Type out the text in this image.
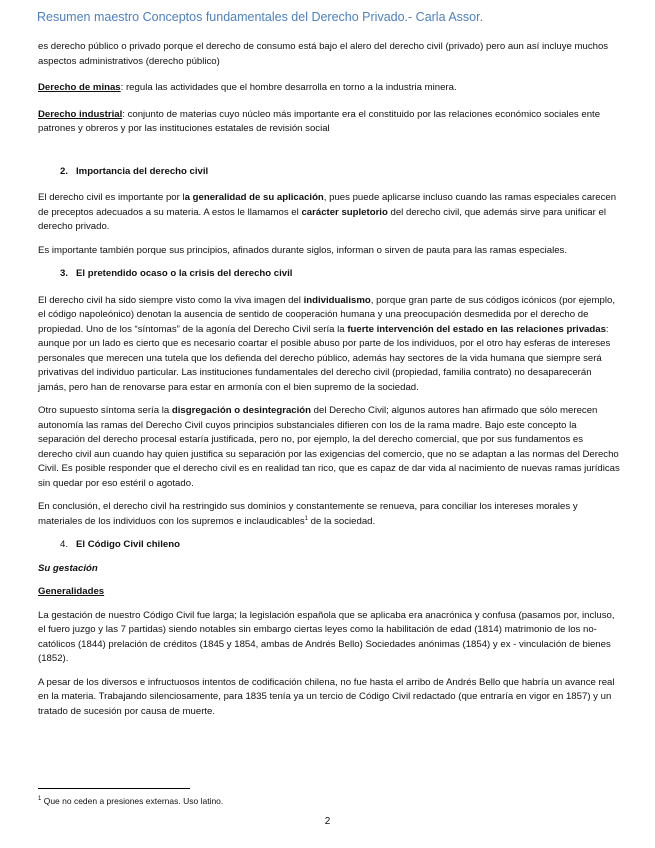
Resumen maestro Conceptos fundamentales del Derecho Privado.- Carla Assor.

es derecho público o privado porque el derecho de consumo está bajo el alero del derecho civil (privado) pero aun así incluye muchos aspectos administrativos (derecho público)

Derecho de minas: regula las actividades que el hombre desarrolla en torno a la industria minera.

Derecho industrial: conjunto de materias cuyo núcleo más importante era el constituido por las relaciones económico sociales ente patrones y obreros y por las instituciones estatales de revisión social

2. Importancia del derecho civil

El derecho civil es importante por la generalidad de su aplicación, pues puede aplicarse incluso cuando las ramas especiales carecen de preceptos adecuados a su materia. A estos le llamamos el carácter supletorio del derecho civil, que además sirve para unificar el derecho privado.

Es importante también porque sus principios, afinados durante siglos, informan o sirven de pauta para las ramas especiales.

3. El pretendido ocaso o la crisis del derecho civil

El derecho civil ha sido siempre visto como la viva imagen del individualismo, porque gran parte de sus códigos icónicos (por ejemplo, el código napoleónico) denotan la ausencia de sentido de cooperación humana y una preocupación desmedida por el derecho de propiedad. Uno de los “síntomas” de la agonía del Derecho Civil sería la fuerte intervención del estado en las relaciones privadas: aunque por un lado es cierto que es necesario coartar el posible abuso por parte de los individuos, por el otro hay esferas de intereses personales que merecen una tutela que los defienda del derecho público, además hay sectores de la vida humana que siempre será privativas del individuo particular. Las instituciones fundamentales del derecho civil (propiedad, familia contrato) no desaparecerán jamás, pero han de renovarse para estar en armonía con el bien supremo de la sociedad.

Otro supuesto síntoma sería la disgregación o desintegración del Derecho Civil; algunos autores han afirmado que sólo merecen autonomía las ramas del Derecho Civil cuyos principios substanciales difieren con los de la rama madre. Bajo este concepto la separación del derecho procesal estaría justificada, pero no, por ejemplo, la del derecho comercial, que por sus fundamentos es derecho civil aun cuando hay quien justifica su separación por las exigencias del comercio, que no se adaptan a las normas del Derecho Civil. Es posible responder que el derecho civil es en realidad tan rico, que es capaz de dar vida al nacimiento de nuevas ramas jurídicas sin quedar por eso estéril o agotado.

En conclusión, el derecho civil ha restringido sus dominios y constantemente se renueva, para conciliar los intereses morales y materiales de los individuos con los supremos e inclaudicables$^1$ de la sociedad.

4. El Código Civil chileno

Su gestación

Generalidades

La gestación de nuestro Código Civil fue larga; la legislación española que se aplicaba era anacrónica y confusa (pasamos por, incluso, el fuero juzgo y las 7 partidas) siendo notables sin embargo ciertas leyes como la habilitación de edad (1814) matrimonio de los no-católicos (1844) prelación de créditos (1845 y 1854, ambas de Andrés Bello) Sociedades anónimas (1854) y ex - vinculación de bienes (1852).

A pesar de los diversos e infructuosos intentos de codificación chilena, no fue hasta el arribo de Andrés Bello que habría un avance real en la materia. Trabajando silenciosamente, para 1835 tenía ya un tercio de Código Civil redactado (que entraría en vigor en 1857) y un tratado de sucesión por causa de muerte.

$^1$ Que no ceden a presiones externas. Uso latino.
2
